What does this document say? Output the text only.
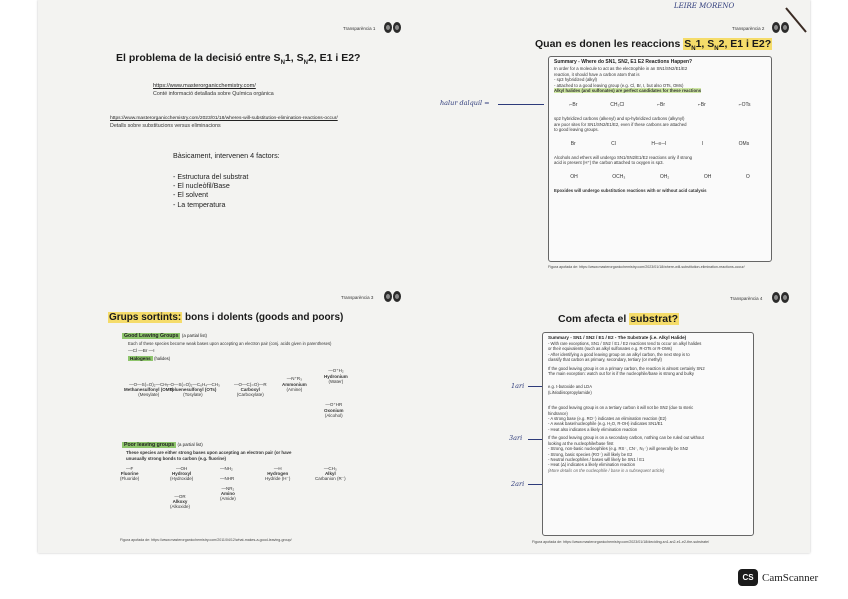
Transparència 1
El problema de la decisió entre $S_N1$, $S_N2$, E1 i E2?
https://www.masterorganicchemistry.com/
Conté informació detallada sobre Química orgànica
https://www.masterorganicchemistry.com/2023/01/18/wheres-will-substitution-elimination-reactions-occur/
Detalls sobre substitucions versus eliminacions
Bàsicament, intervenen 4 factors:
- Estructura del substrat
- El nucleòfil/Base
- El solvent
- La temperatura
LEIRE MORENO
Transparència 2
Quan es donen les reaccions $S_N1$, $S_N2$, E1 i E2?
halur dalquil =
Summary - Where do SN1, SN2, E1 E2 Reactions Happen?
In order for a molecule to act as the electrophile in an SN1/SN2/E1/E2
reaction, it should have a carbon atom that is
- sp3 hybridized (alkyl)
- attached to a good leaving group (e.g. Cl, Br, I, but also OTs, OMs)
Alkyl halides (and sulfonates) are perfect candidates for these reactions
⌐Br	CH₃Cl	⌐Br	⌐Br	⌐OTs
sp2 hybridized carbons (alkenyl) and sp-hybridized carbons (alkynyl)
are poor sites for SN1/SN2/E1/E2, even if these carbons are attached
to good leaving groups.
Br	Cl	H─≡─I	I	OMs
Alcohols and ethers will undergo SN1/SN2/E1/E2 reactions only if strong
acid is present (H⁺) the carbon attached to oxygen is sp3.
OH	OCH₃	OH₂	OH	O
Epoxides will undergo substitution reactions with or without acid catalysis
Figura apofada de: https://www.masterorganicchemistry.com/2023/01/18/where-will-substitution-elimination-reactions-occur/
Transparència 3
Grups sortints: bons i dolents (goods and poors)
Good Leaving Groups (a partial list)
Each of these species become weak bases upon accepting an electron pair (conj. acids given in parentheses)
—Cl —Br —I
Halogens (halides)
—O—S(=O)₂—CH₃
Methanesulfonyl (OMs)
(Mesylate)
—O—S(=O)₂—C₆H₄—CH₃
Toluenesulfonyl (OTs)
(Tosylate)
—O—C(=O)—R
Carboxyl
(Carboxylate)
—N⁺R₃
Ammonium
(Amine)
—O⁺H₂
Hydronium
(Water)
—O⁺HR
Oxonium
(Alcohol)
Poor leaving groups (a partial list)
These species are either strong bases upon accepting an electron pair (or have
unusually strong bonds to carbon (e.g. fluorine)
—F
Fluorine
(Fluoride)
—OH
Hydroxyl
(Hydroxide)
—NH₂	—H
Hydrogen
Hydride (H⁻)
—CH₃
Alkyl
Carbanion (R⁻)
—OR
Alkoxy
(Alkoxide)
—NHR
—NR₂
Amino
(Amide)
Figura apofada de: https://www.masterorganicchemistry.com/2011/04/12/what-makes-a-good-leaving-group/
Transparència 4
Com afecta el substrat?
1ari
3ari
2ari
Summary - SN1 / SN2 / E1 / E2 - The Substrate (i.e. Alkyl Halide)
- With rare exceptions, SN1 / SN2 / E1 / E2 reactions tend to occur on alkyl halides
or their equivalents (such as alkyl sulfonates e.g. R-OTs or R-OMs)
- After identifying a good leaving group on an alkyl carbon, the next step is to
classify that carbon as primary, secondary, tertiary (or methyl)
If the good leaving group is on a primary carbon, the reaction is almost certainly SN2
The main exception: watch out for is if the nucleophile/base is strong and bulky
e.g. t-butoxide and LDA
(LiNiodiisopropylamide)
If the good leaving group is on a tertiary carbon it will not be SN2 (due to steric
hindrance)
- A strong base (e.g. RO⁻) indicates an elimination reaction (E2)
- A weak base/nucleophile (e.g. H₂O, R-OH) indicates SN1/E1
- Heat also indicates a likely elimination reaction
If the good leaving group is on a secondary carbon, nothing can be ruled out without
looking at the nucleophile/base first
- Strong, non-basic nucleophiles (e.g. RS⁻, CN⁻, N₃⁻) will generally be SN2
- Strong, basic species (RO⁻) will likely be E2
- Neutral nucleophiles / bases will likely be SN1 / E1
- Heat (Δ) indicates a likely elimination reaction
(More details on the nucleophile / base in a subsequent article)
Figura apofada de: https://www.masterorganicchemistry.com/2023/01/18/deciding-sn1-sn2-e1-e2-the-substrate/
CS CamScanner
